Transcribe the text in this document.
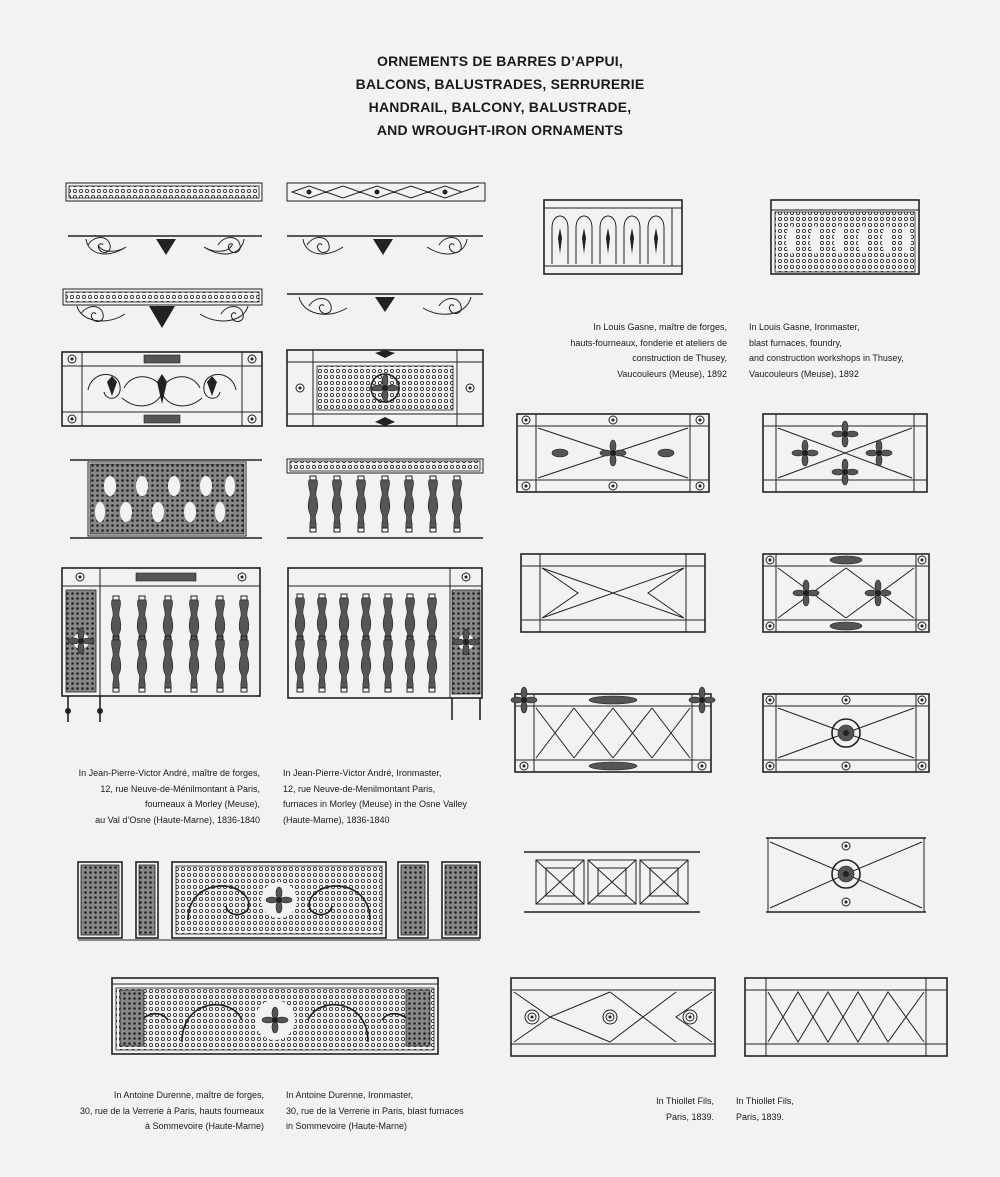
ORNEMENTS DE BARRES D’APPUI,
BALCONS, BALUSTRADES, SERRURERIE
HANDRAIL, BALCONY, BALUSTRADE,
AND WROUGHT-IRON ORNAMENTS
In Jean-Pierre-Victor André, maître de forges,
12, rue Neuve-de-Ménilmontant à Paris,
fourneaux à Morley (Meuse),
au Val d’Osne (Haute-Marne), 1836-1840
In Jean-Pierre-Victor André, Ironmaster,
12, rue Neuve-de-Menilmontant Paris,
furnaces in Morley (Meuse) in the Osne Valley
(Haute-Marne), 1836-1840
In Antoine Durenne, maître de forges,
30, rue de la Verrerie à Paris, hauts fourneaux
à Sommevoire (Haute-Marne)
In Antoine Durenne, Ironmaster,
30, rue de la Verrerie in Paris, blast furnaces
in Sommevoire (Haute-Marne)
In Louis Gasne, maître de forges,
hauts-fourneaux, fonderie et ateliers de
construction de Thusey,
Vaucouleurs (Meuse), 1892
In Louis Gasne, Ironmaster,
blast furnaces, foundry,
and construction workshops in Thusey,
Vaucouleurs (Meuse), 1892
In Thiollet Fils,
Paris, 1839.
In Thiollet Fils,
Paris, 1839.
